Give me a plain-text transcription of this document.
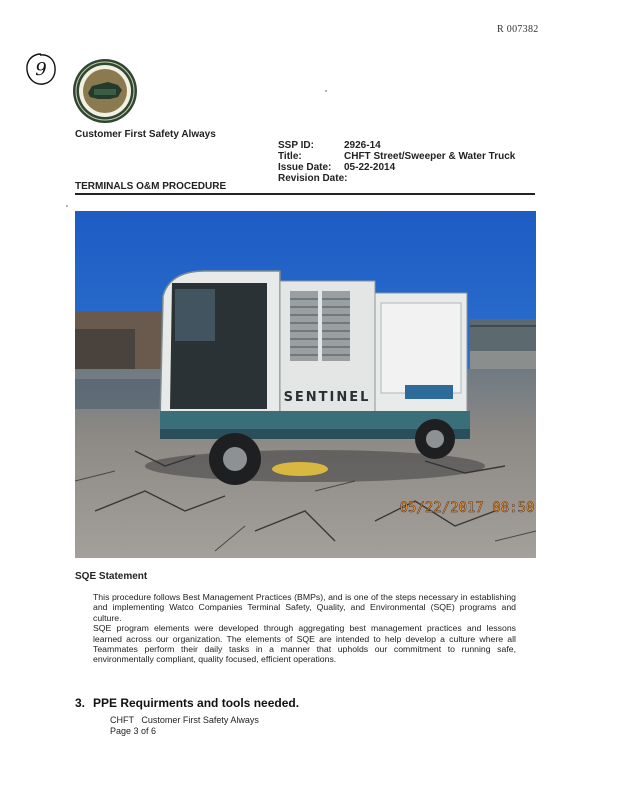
R 007382
9
Customer First Safety Always
SSP ID:	2926-14
Title:	CHFT Street/Sweeper & Water Truck
Issue Date: 05-22-2014
Revision Date:
TERMINALS O&M PROCEDURE
SENTINEL
05/22/2017 08:50
SQE Statement

This procedure follows Best Management Practices (BMPs), and is one of the steps necessary in establishing and implementing Watco Companies Terminal Safety, Quality, and Environmental (SQE) programs and culture.

SQE program elements were developed through aggregating best management practices and lessons learned across our organization. The elements of SQE are intended to help develop a culture where all Teammates perform their daily tasks in a manner that upholds our commitment to running safe, environmentally compliant, quality focused, efficient operations.

3. PPE Requirments and tools needed.
CHFT   Customer First Safety Always
Page 3 of 6
